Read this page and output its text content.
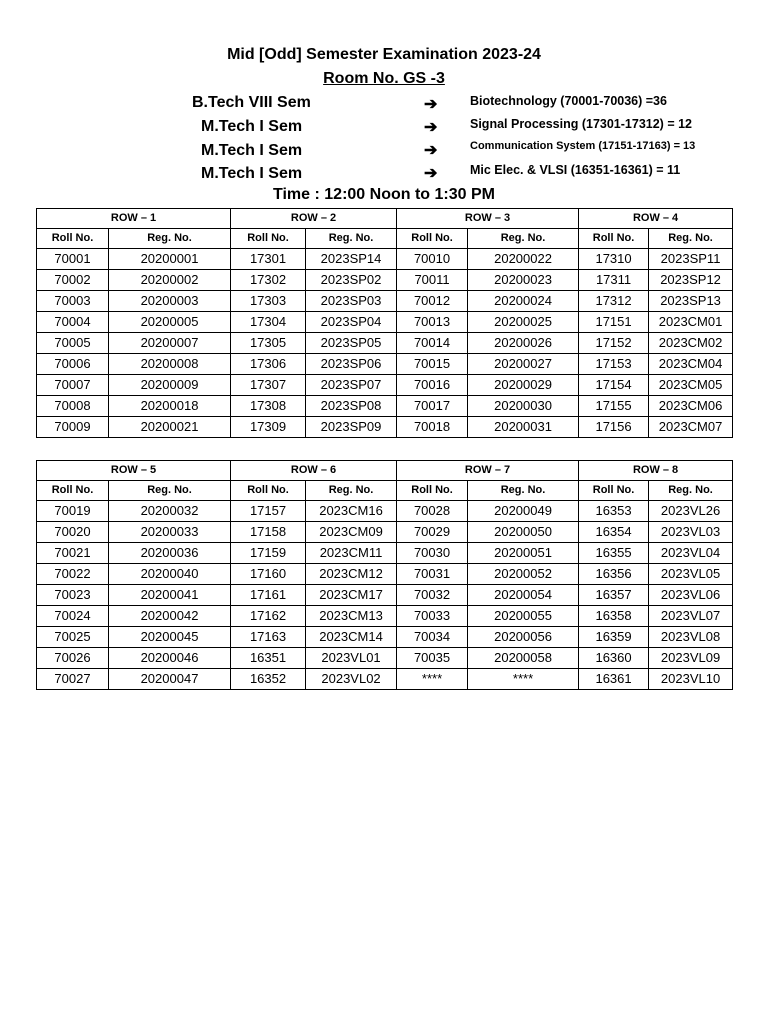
Mid [Odd] Semester Examination 2023-24
Room No. GS -3
B.Tech VIII Sem	➔	Biotechnology (70001-70036) =36
M.Tech I Sem	➔	Signal Processing (17301-17312) = 12
M.Tech I Sem	➔	Communication System (17151-17163) = 13
M.Tech I Sem	➔	Mic Elec. & VLSI (16351-16361) = 11
Time : 12:00 Noon to 1:30 PM
ROW – 1		ROW – 2		ROW – 3		ROW – 4	
Roll No.	Reg. No.	Roll No.	Reg. No.	Roll No.	Reg. No.	Roll No.	Reg. No.
70001	20200001	17301	2023SP14	70010	20200022	17310	2023SP11
70002	20200002	17302	2023SP02	70011	20200023	17311	2023SP12
70003	20200003	17303	2023SP03	70012	20200024	17312	2023SP13
70004	20200005	17304	2023SP04	70013	20200025	17151	2023CM01
70005	20200007	17305	2023SP05	70014	20200026	17152	2023CM02
70006	20200008	17306	2023SP06	70015	20200027	17153	2023CM04
70007	20200009	17307	2023SP07	70016	20200029	17154	2023CM05
70008	20200018	17308	2023SP08	70017	20200030	17155	2023CM06
70009	20200021	17309	2023SP09	70018	20200031	17156	2023CM07
ROW – 5		ROW – 6		ROW – 7		ROW – 8	
Roll No.	Reg. No.	Roll No.	Reg. No.	Roll No.	Reg. No.	Roll No.	Reg. No.
70019	20200032	17157	2023CM16	70028	20200049	16353	2023VL26
70020	20200033	17158	2023CM09	70029	20200050	16354	2023VL03
70021	20200036	17159	2023CM11	70030	20200051	16355	2023VL04
70022	20200040	17160	2023CM12	70031	20200052	16356	2023VL05
70023	20200041	17161	2023CM17	70032	20200054	16357	2023VL06
70024	20200042	17162	2023CM13	70033	20200055	16358	2023VL07
70025	20200045	17163	2023CM14	70034	20200056	16359	2023VL08
70026	20200046	16351	2023VL01	70035	20200058	16360	2023VL09
70027	20200047	16352	2023VL02	****	****	16361	2023VL10
